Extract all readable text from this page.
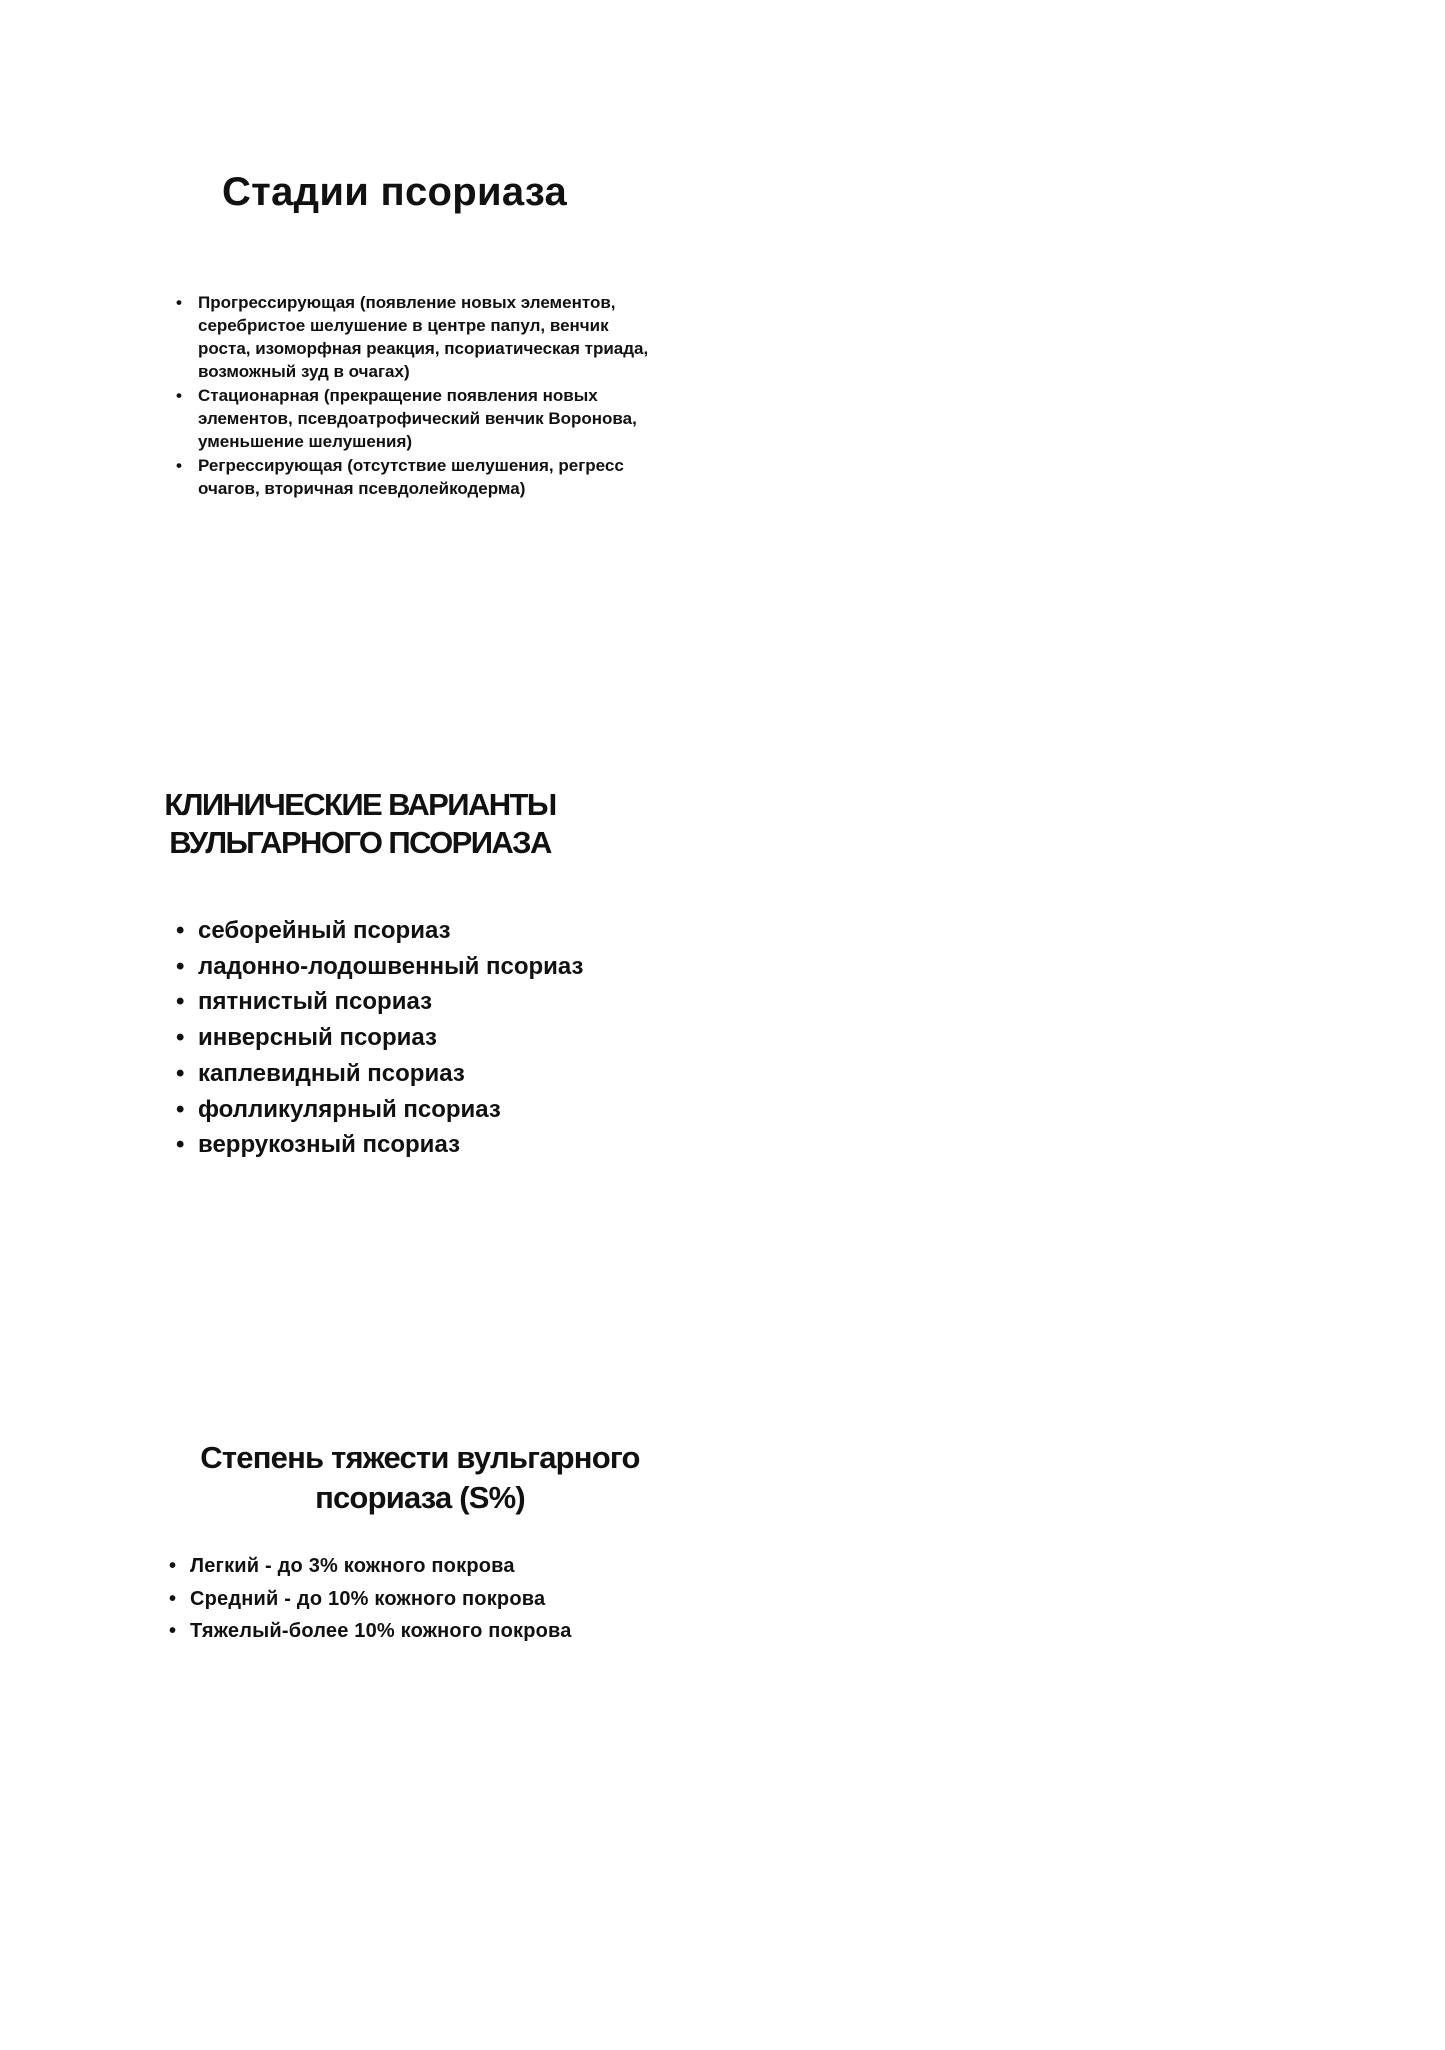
Стадии псориаза
• Прогрессирующая (появление новых элементов, серебристое шелушение в центре папул, венчик роста, изоморфная реакция, псориатическая триада, возможный зуд в очагах)
• Стационарная (прекращение появления новых элементов, псевдоатрофический венчик Воронова, уменьшение шелушения)
• Регрессирующая (отсутствие шелушения, регресс очагов, вторичная псевдолейкодерма)
КЛИНИЧЕСКИЕ ВАРИАНТЫ ВУЛЬГАРНОГО ПСОРИАЗА
• себорейный псориаз
• ладонно-лодошвенный псориаз
• пятнистый псориаз
• инверсный псориаз
• каплевидный псориаз
• фолликулярный псориаз
• веррукозный псориаз
Степень тяжести вульгарного псориаза (S%)
• Легкий - до 3% кожного покрова
• Средний - до 10% кожного покрова
• Тяжелый-более 10% кожного покрова
